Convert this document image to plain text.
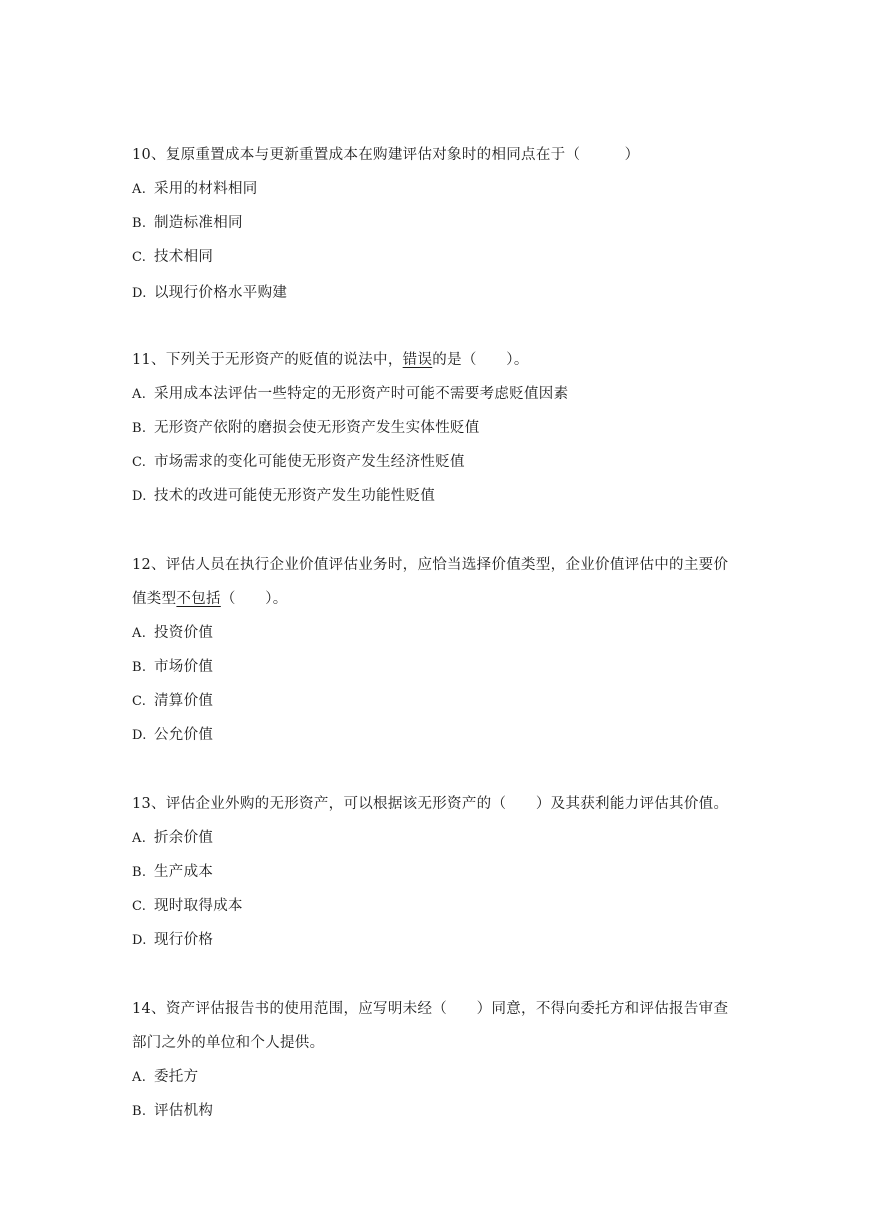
10、复原重置成本与更新重置成本在购建评估对象时的相同点在于（　　　）
A. 采用的材料相同
B. 制造标准相同
C. 技术相同
D. 以现行价格水平购建
11、下列关于无形资产的贬值的说法中，错误的是（　　）。
A. 采用成本法评估一些特定的无形资产时可能不需要考虑贬值因素
B. 无形资产依附的磨损会使无形资产发生实体性贬值
C. 市场需求的变化可能使无形资产发生经济性贬值
D. 技术的改进可能使无形资产发生功能性贬值
12、评估人员在执行企业价值评估业务时，应恰当选择价值类型，企业价值评估中的主要价
值类型不包括（　　）。
A. 投资价值
B. 市场价值
C. 清算价值
D. 公允价值
13、评估企业外购的无形资产，可以根据该无形资产的（　　）及其获利能力评估其价值。
A. 折余价值
B. 生产成本
C. 现时取得成本
D. 现行价格
14、资产评估报告书的使用范围，应写明未经（　　）同意，不得向委托方和评估报告审查
部门之外的单位和个人提供。
A. 委托方
B. 评估机构
